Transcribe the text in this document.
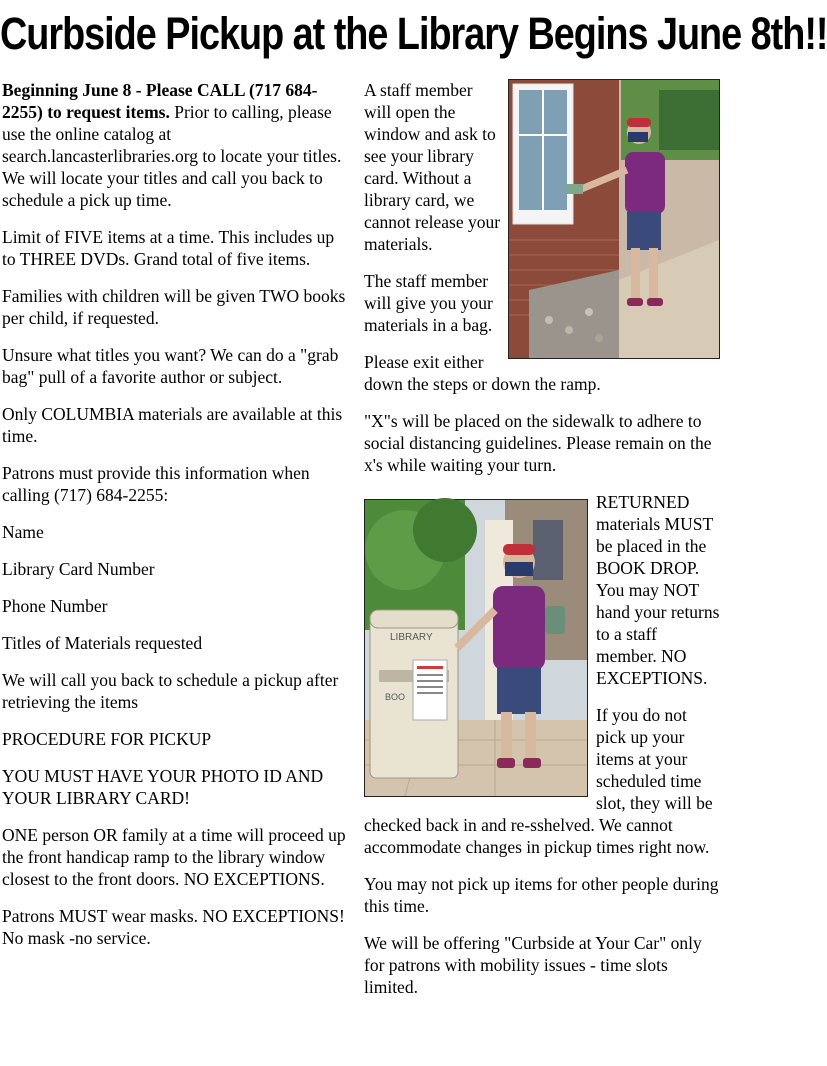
Curbside Pickup at the Library Begins June 8th!!

Beginning June 8 - Please CALL (717 684-2255) to request items. Prior to calling, please use the online catalog at search.lancasterlibraries.org to locate your titles. We will locate your titles and call you back to schedule a pick up time.

Limit of FIVE items at a time. This includes up to THREE DVDs. Grand total of five items.

Families with children will be given TWO books per child, if requested.

Unsure what titles you want? We can do a "grab bag" pull of a favorite author or subject.

Only COLUMBIA materials are available at this time.

Patrons must provide this information when calling (717) 684-2255:

Name

Library Card Number

Phone Number

Titles of Materials requested

We will call you back to schedule a pickup after retrieving the items

PROCEDURE FOR PICKUP

YOU MUST HAVE YOUR PHOTO ID AND YOUR LIBRARY CARD!

ONE person OR family at a time will proceed up the front handicap ramp to the library window closest to the front doors. NO EXCEPTIONS.

Patrons MUST wear masks. NO EXCEPTIONS! No mask -no service.

A staff member will open the window and ask to see your library card. Without a library card, we cannot release your materials.

The staff member will give you your materials in a bag.

Please exit either down the steps or down the ramp.

"X"s will be placed on the sidewalk to adhere to social distancing guidelines. Please remain on the x's while waiting your turn.

LIBRARY
BOO

RETURNED materials MUST be placed in the BOOK DROP. You may NOT hand your returns to a staff member. NO EXCEPTIONS.

If you do not pick up your items at your scheduled time slot, they will be checked back in and re-sshelved. We cannot accommodate changes in pickup times right now.

You may not pick up items for other people during this time.

We will be offering "Curbside at Your Car" only for patrons with mobility issues - time slots limited.
